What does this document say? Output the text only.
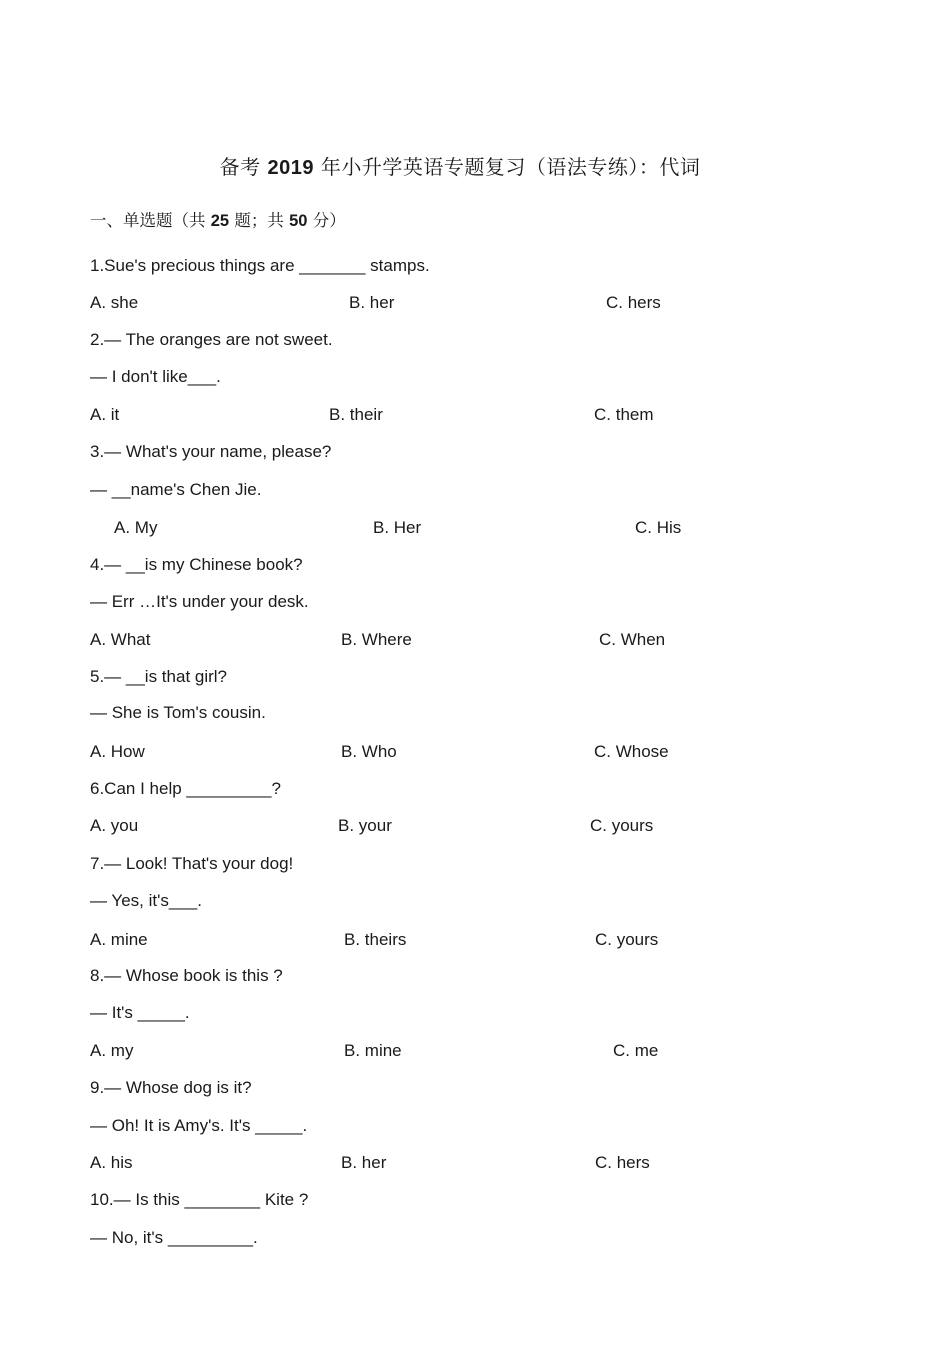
备考 2019 年小升学英语专题复习（语法专练）：代词
一、单选题（共 25 题；共 50 分）
1.Sue's precious things are _______ stamps.
A. she	B. her	C. hers
2.— The oranges are not sweet.
— I don't like___.
A. it	B. their	C. them
3.— What's your name, please?
— __name's Chen Jie.
A. My	B. Her	C. His
4.— __is my Chinese book?
— Err …It's under your desk.
A. What	B. Where	C. When
5.— __is that girl?
— She is Tom's cousin.
A. How	B. Who	C. Whose
6.Can I help _________?
A. you	B. your	C. yours
7.— Look! That's your dog!
— Yes, it's___.
A. mine	B. theirs	C. yours
8.— Whose book is this ?
— It's _____.
A. my	B. mine	C. me
9.— Whose dog is it?
— Oh! It is Amy's. It's _____.
A. his	B. her	C. hers
10.— Is this ________ Kite ?
— No, it's _________.
